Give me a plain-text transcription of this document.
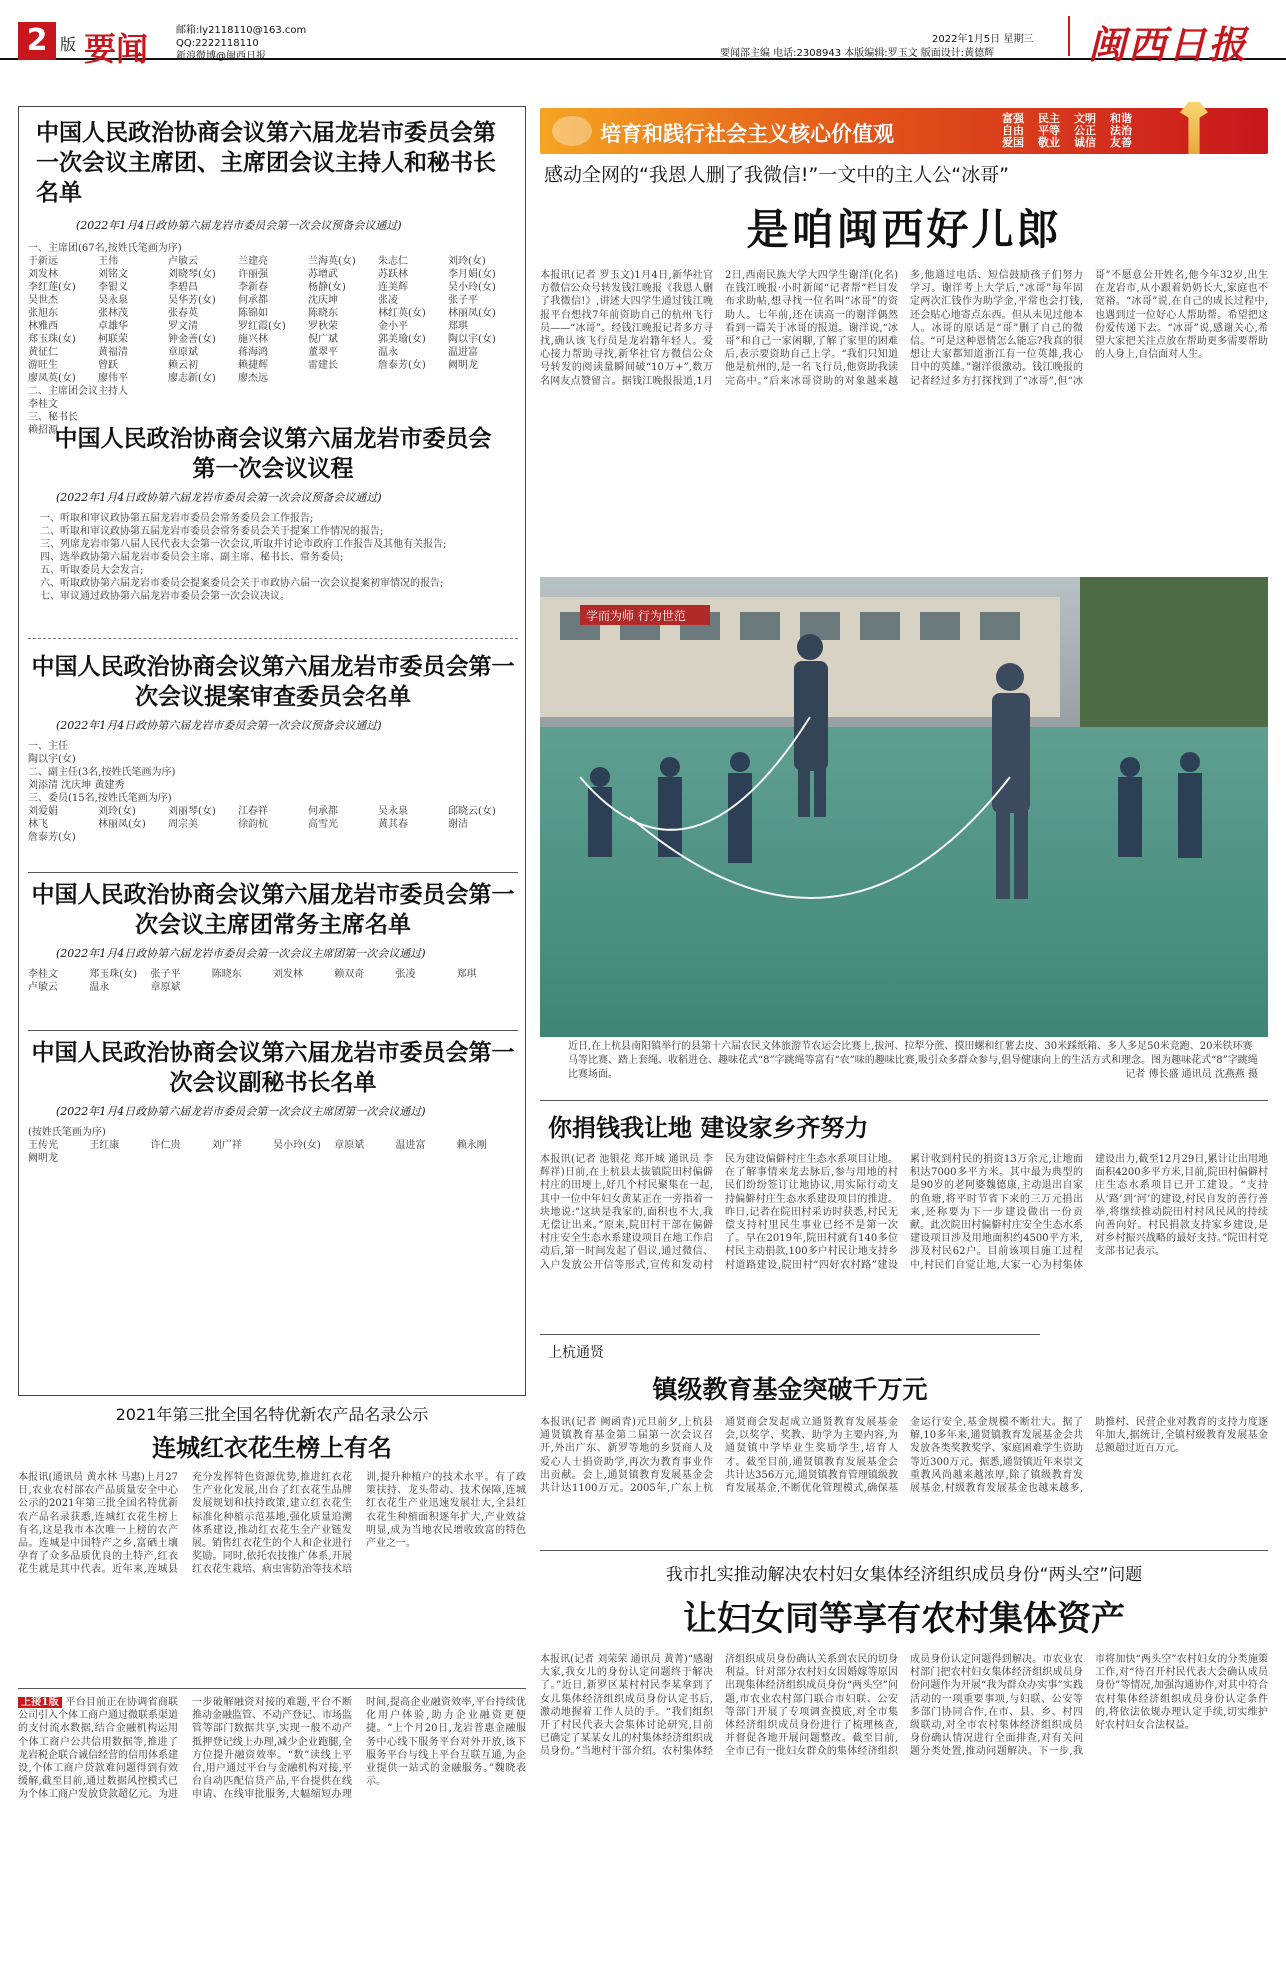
2 版 要闻	邮箱:ly2118110@163.com
QQ:2222118110
新浪微博@闽西日报	要闻部主编 电话:2308943 本版编辑:罗玉文 版面设计:黄德辉
2022年1月5日 星期三 闽西日报
中国人民政治协商会议第六届龙岩市委员会第一次会议主席团、主席团会议主持人和秘书长名单
(2022年1月4日政协第六届龙岩市委员会第一次会议预备会议通过)
一、主席团(67名,按姓氏笔画为序)
于新远	王伟	卢敏云	兰建亮	兰海英(女)	朱志仁	刘玲(女)
刘发林	刘铭文	刘晓琴(女)	许丽强	苏增武	苏跃林	李月娟(女)
李红莲(女)	李银义	李碧昌	李新春	杨静(女)	连美辉	吴小玲(女)
吴世杰	吴永泉	吴华芳(女)	何承都	沈庆坤	张凌	张子平
张旭东	张林茂	张春英	陈锦如	陈晓东	林红英(女)	林丽凤(女)
林雅西	卓雄华	罗文清	罗红霞(女)	罗秋荣	金小平	郑琪
郑玉珠(女)	柯联荣	钟金善(女)	施兴林	倪广斌	郭美瑜(女)	陶以宇(女)
黄征仁	黄福清	章原斌	蒋海鸿	董翠平	温永	温进富
游旺生	曾跃	赖云初	赖捷辉	雷建长	詹泰芳(女)	阙明龙
廖凤英(女)	廖伟平	廖志新(女)	廖杰远
二、主席团会议主持人
李桂文
三、秘书长
赖招源
中国人民政治协商会议第六届龙岩市委员会第一次会议议程
(2022年1月4日政协第六届龙岩市委员会第一次会议预备会议通过)
一、听取和审议政协第五届龙岩市委员会常务委员会工作报告;
二、听取和审议政协第五届龙岩市委员会常务委员会关于提案工作情况的报告;
三、列席龙岩市第八届人民代表大会第一次会议,听取并讨论市政府工作报告及其他有关报告;
四、选举政协第六届龙岩市委员会主席、副主席、秘书长、常务委员;
五、听取委员大会发言;
六、听取政协第六届龙岩市委员会提案委员会关于市政协六届一次会议提案初审情况的报告;
七、审议通过政协第六届龙岩市委员会第一次会议决议。
中国人民政治协商会议第六届龙岩市委员会第一次会议提案审查委员会名单
(2022年1月4日政协第六届龙岩市委员会第一次会议预备会议通过)
一、主任
陶以宇(女)
二、副主任(3名,按姓氏笔画为序)
刘添清 沈庆坤 黄建秀
三、委员(15名,按姓氏笔画为序)
刘爱娟	刘玲(女)	刘丽琴(女)	江春祥	何承都	吴永泉	邱晓云(女)
林飞	林丽凤(女)	周宗美	徐韵杭	高雪光	黄其春	谢洁
詹泰芳(女)
中国人民政治协商会议第六届龙岩市委员会第一次会议主席团常务主席名单
(2022年1月4日政协第六届龙岩市委员会第一次会议主席团第一次会议通过)
李桂文	郑玉珠(女)	张子平	陈晓东	刘发林	赖双奇	张凌	郑琪
卢敏云	温永	章原斌
中国人民政治协商会议第六届龙岩市委员会第一次会议副秘书长名单
(2022年1月4日政协第六届龙岩市委员会第一次会议主席团第一次会议通过)
(按姓氏笔画为序)
王传光	王红康	许仁贵	刘广祥	吴小玲(女)	章原斌	温进富	赖永刚
阙明龙
2021年第三批全国名特优新农产品名录公示
连城红衣花生榜上有名
本报讯(通讯员 黄水林 马惠)上月27日,农业农村部农产品质量安全中心公示的2021年第三批全国名特优新农产品名录获悉,连城红衣花生榜上有名,这是我市本次唯一上榜的农产品。连城是中国特产之乡,富硒土壤孕育了众多品质优良的土特产,红衣花生就是其中代表。近年来,连城县充分发挥特色资源优势,推进红衣花生产业化发展,出台了红衣花生品牌发展规划和扶持政策,建立红衣花生标准化种植示范基地,强化质量追溯体系建设,推动红衣花生全产业链发展。销售红衣花生的个人和企业进行奖励。同时,依托农技推广体系,开展红衣花生栽培、病虫害防治等技术培训,提升种植户的技术水平。有了政策扶持、龙头带动、技术保障,连城红衣花生产业迅速发展壮大,全县红衣花生种植面积逐年扩大,产业效益明显,成为当地农民增收致富的特色产业之一。
上接1版 平台目前正在协调省商联公司引入个体工商户通过微联系渠道的支付流水数据,结合金融机构运用个体工商户公共信用数据等,推进了龙岩税企联合诚信经营的信用体系建设,个体工商户贷款难问题得到有效缓解,截至目前,通过数据风控模式已为个体工商户发放贷款超亿元。为进一步破解融资对接的难题,平台不断推动金融监管、不动产登记、市场监管等部门数据共享,实现一般不动产抵押登记线上办理,减少企业跑腿,全方位提升融资效率。“数”读线上平台,用户通过平台与金融机构对接,平台自动匹配信贷产品,平台提供在线申请、在线审批服务,大幅缩短办理时间,提高企业融资效率,平台持续优化用户体验,助力企业融资更便捷。“上个月20日,龙岩普惠金融服务中心线下服务平台对外开放,该下服务平台与线上平台互联互通,为企业提供一站式的金融服务。”魏晓表示。
培育和践行社会主义核心价值观
富强	民主	文明	和谐
自由	平等	公正	法治
爱国	敬业	诚信	友善
感动全网的“我恩人删了我微信!”一文中的主人公“冰哥”
是咱闽西好儿郎
本报讯(记者 罗玉文)1月4日,新华社官方微信公众号转发钱江晚报《我恩人删了我微信!》,讲述大四学生通过钱江晚报平台想找7年前资助自己的杭州飞行员——“冰哥”。经钱江晚报记者多方寻找,确认该飞行员是龙岩籍年轻人。爱心接力帮助寻找,新华社官方微信公众号转发的阅读量瞬间破“10万+”,数万名网友点赞留言。据钱江晚报报道,1月2日,西南民族大学大四学生谢洋(化名)在钱江晚报·小时新闻“记者帮”栏目发布求助帖,想寻找一位名叫“冰哥”的资助人。七年前,还在读高一的谢洋偶然看到一篇关于冰哥的报道。谢洋说,“冰哥”和自己一家闲聊,了解了家里的困难后,表示要资助自己上学。“我们只知道他是杭州的,是一名飞行员,他资助我读完高中。”后来冰哥资助的对象越来越多,他通过电话、短信鼓励孩子们努力学习。谢洋考上大学后,“冰哥”每年固定两次汇钱作为助学金,平常也会打钱,还会贴心地寄点东西。但从未见过他本人。冰哥的原话是“哥”删了自己的微信。“可是这种恩情怎么能忘?我真的很想让大家都知道浙江有一位英雄,我心目中的英雄。”谢洋很激动。钱江晚报的记者经过多方打探找到了“冰哥”,但“冰哥”不愿意公开姓名,他今年32岁,出生在龙岩市,从小跟着奶奶长大,家庭也不宽裕。“冰哥”说,在自己的成长过程中,也遇到过一位好心人帮助帮。希望把这份爱传递下去。“冰哥”说,感谢关心,希望大家把关注点放在帮助更多需要帮助的人身上,自信面对人生。
学而为师 行为世范
近日,在上杭县南阳镇举行的县第十六届农民文体旅游节农运会比赛上,拔河、拉犁分蔗、摸田螺和红薯去皮、30米踩纸箱、多人多足50米竞跑、20米铁环赛马等比赛、踏上套绳、收稻进仓、趣味花式“8”字跳绳等富有“农”味的趣味比赛,吸引众多群众参与,倡导健康向上的生活方式和理念。图为趣味花式“8”字跳绳比赛场面。	记者 傅长盛 通讯员 沈燕燕 摄
你捐钱我让地 建设家乡齐努力
本报讯(记者 池银花 郑开城 通讯员 李辉祥)日前,在上杭县太拔镇院田村偏僻村庄的田埂上,好几个村民聚集在一起,其中一位中年妇女黄某正在一旁指着一块地说:“这块是我家的,面积也不大,我无偿让出来。”原来,院田村干部在偏僻村庄安全生态水系建设项目在地工作启动后,第一时间发起了倡议,通过微信、入户发放公开信等形式,宣传和发动村民为建设偏僻村庄生态水系项目让地。在了解事情来龙去脉后,参与用地的村民们纷纷签订让地协议,用实际行动支持偏僻村庄生态水系建设项目的推进。昨日,记者在院田村采访时获悉,村民无偿支持村里民生事业已经不是第一次了。早在2019年,院田村就有140多位村民主动捐款,100多户村民让地支持乡村道路建设,院田村“四好农村路”建设累计收到村民的捐资13万余元,让地面积达7000多平方米。其中最为典型的是90岁的老阿婆魏德康,主动退出自家的鱼塘,将平时节省下来的三万元捐出来,还称要为下一步建设做出一份贡献。此次院田村偏僻村庄安全生态水系建设项目涉及用地面积约4500平方米,涉及村民62户。目前该项目施工过程中,村民们自觉让地,大家一心为村集体建设出力,截至12月29日,累计让出用地面积4200多平方米,目前,院田村偏僻村庄生态水系项目已开工建设。“支持从‘路’到‘河’的建设,村民自发的善行善举,将继续推动院田村村风民风的持续向善向好。村民捐款支持家乡建设,是对乡村振兴战略的最好支持。”院田村党支部书记表示。
上杭通贤
镇级教育基金突破千万元
本报讯(记者 阙函青)元旦前夕,上杭县通贤镇教育基金第二届第一次会议召开,外出广东、新罗等地的乡贤商人及爱心人士捐资助学,再次为教育事业作出贡献。会上,通贤镇教育发展基金会共计达1100万元。2005年,广东上杭通贤商会发起成立通贤教育发展基金会,以奖学、奖教、助学为主要内容,为通贤镇中学毕业生奖励学生,培育人才。截至目前,通贤镇教育发展基金会共计达356万元,通贤镇教育管理镇级教育发展基金,不断优化管理模式,确保基金运行安全,基金规模不断壮大。据了解,10多年来,通贤镇教育发展基金会共发放各类奖教奖学、家庭困难学生资助等近300万元。据悉,通贤镇近年来崇文重教风尚越来越浓厚,除了镇级教育发展基金,村级教育发展基金也越来越多,助推村、民营企业对教育的支持力度逐年加大,据统计,全镇村级教育发展基金总额超过近百万元。
我市扎实推动解决农村妇女集体经济组织成员身份“两头空”问题
让妇女同等享有农村集体资产
本报讯(记者 刘荣荣 通讯员 黄菁)“感谢大家,我女儿的身份认定问题终于解决了。”近日,新罗区某村村民李某拿到了女儿集体经济组织成员身份认定书后,激动地握着工作人员的手。“我们组织开了村民代表大会集体讨论研究,目前已确定了某某女儿的村集体经济组织成员身份。”当地村干部介绍。农村集体经济组织成员身份确认关系到农民的切身利益。针对部分农村妇女因婚嫁等原因出现集体经济组织成员身份“两头空”问题,市农业农村部门联合市妇联、公安等部门开展了专项调查摸底,对全市集体经济组织成员身份进行了梳理核查,并督促各地开展问题整改。截至目前,全市已有一批妇女群众的集体经济组织成员身份认定问题得到解决。市农业农村部门把农村妇女集体经济组织成员身份问题作为开展“我为群众办实事”实践活动的一项重要事项,与妇联、公安等多部门协同合作,在市、县、乡、村四级联动,对全市农村集体经济组织成员身份确认情况进行全面排查,对有关问题分类处置,推动问题解决。下一步,我市将加快“两头空”农村妇女的分类施策工作,对“待召开村民代表大会确认成员身份”等情况,加强沟通协作,对其中符合农村集体经济组织成员身份认定条件的,将依法依规办理认定手续,切实维护好农村妇女合法权益。
